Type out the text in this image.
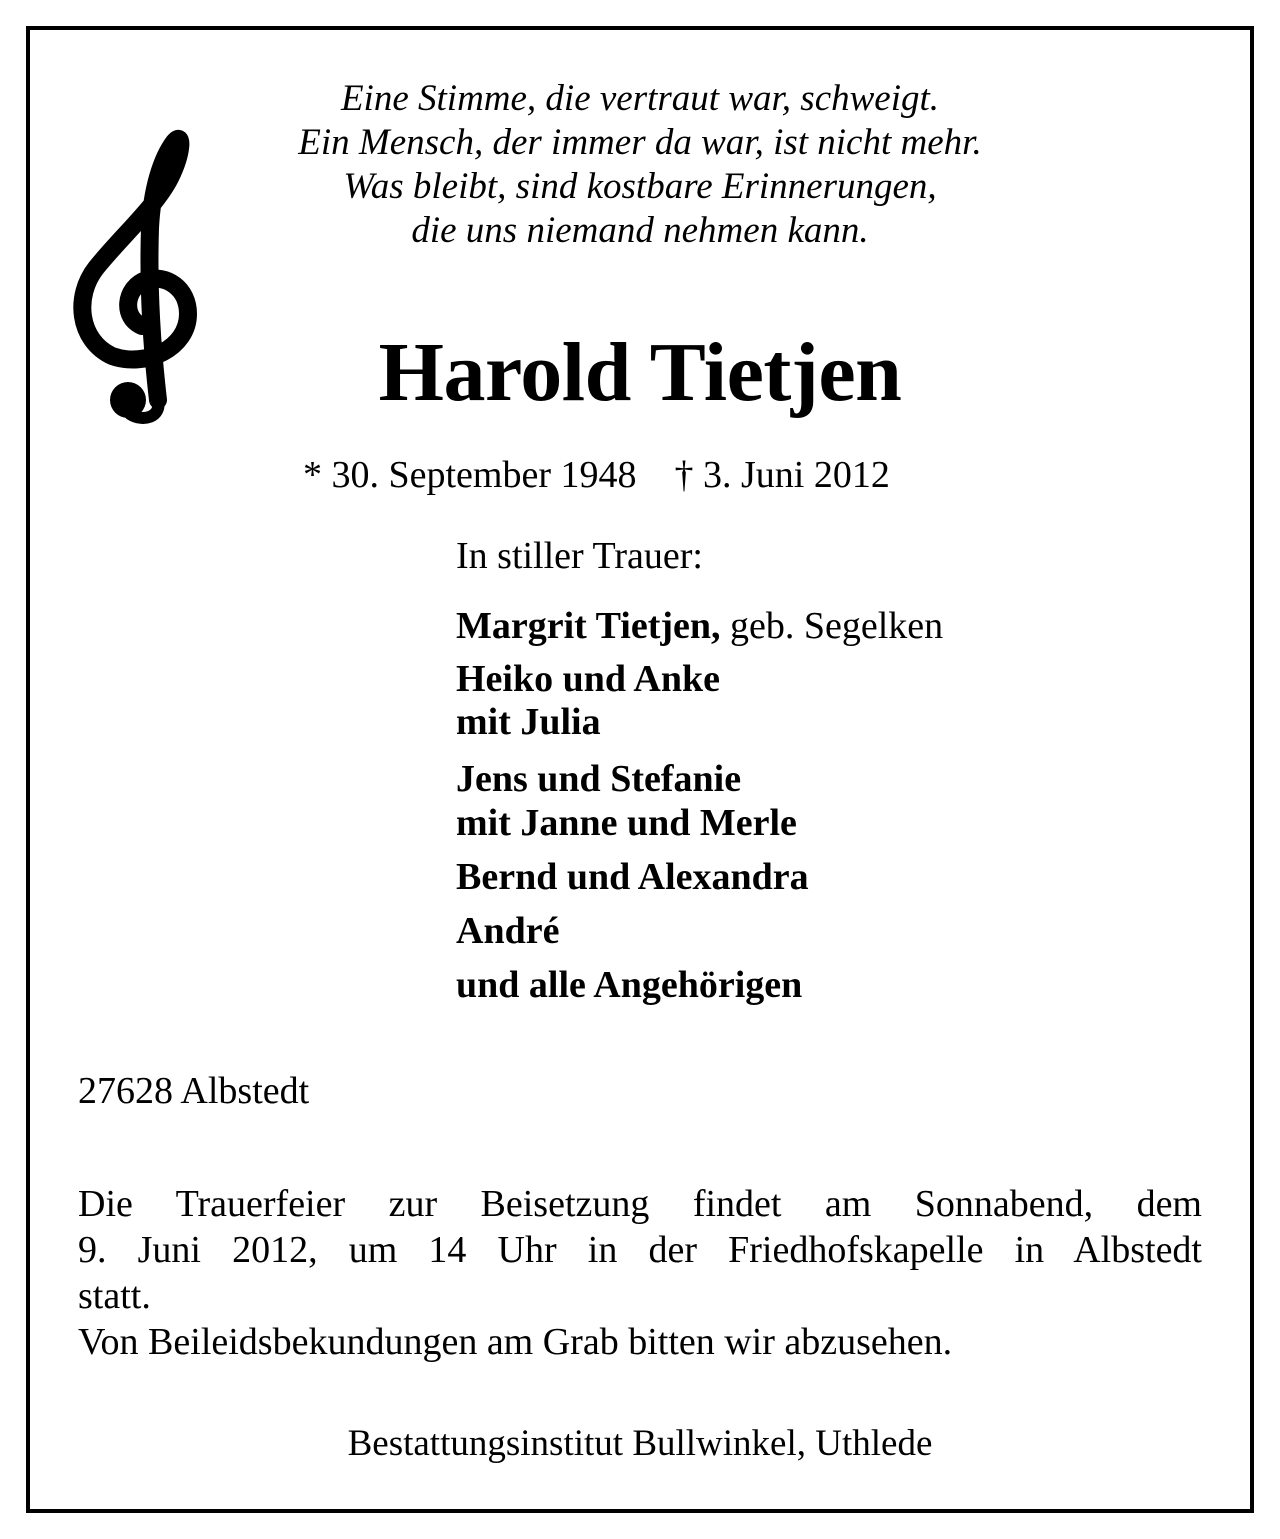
Eine Stimme, die vertraut war, schweigt.

Ein Mensch, der immer da war, ist nicht mehr.

Was bleibt, sind kostbare Erinnerungen,

die uns niemand nehmen kann.

Harold Tietjen

* 30. September 1948 † 3. Juni 2012

In stiller Trauer:

Margrit Tietjen, geb. Segelken

Heiko und Anke

mit Julia

Jens und Stefanie

mit Janne und Merle

Bernd und Alexandra

André

und alle Angehörigen

27628 Albstedt

Die Trauerfeier zur Beisetzung findet am Sonnabend, dem
9. Juni 2012, um 14 Uhr in der Friedhofskapelle in Albstedt
statt.
Von Beileidsbekundungen am Grab bitten wir abzusehen.

Bestattungsinstitut Bullwinkel, Uthlede
